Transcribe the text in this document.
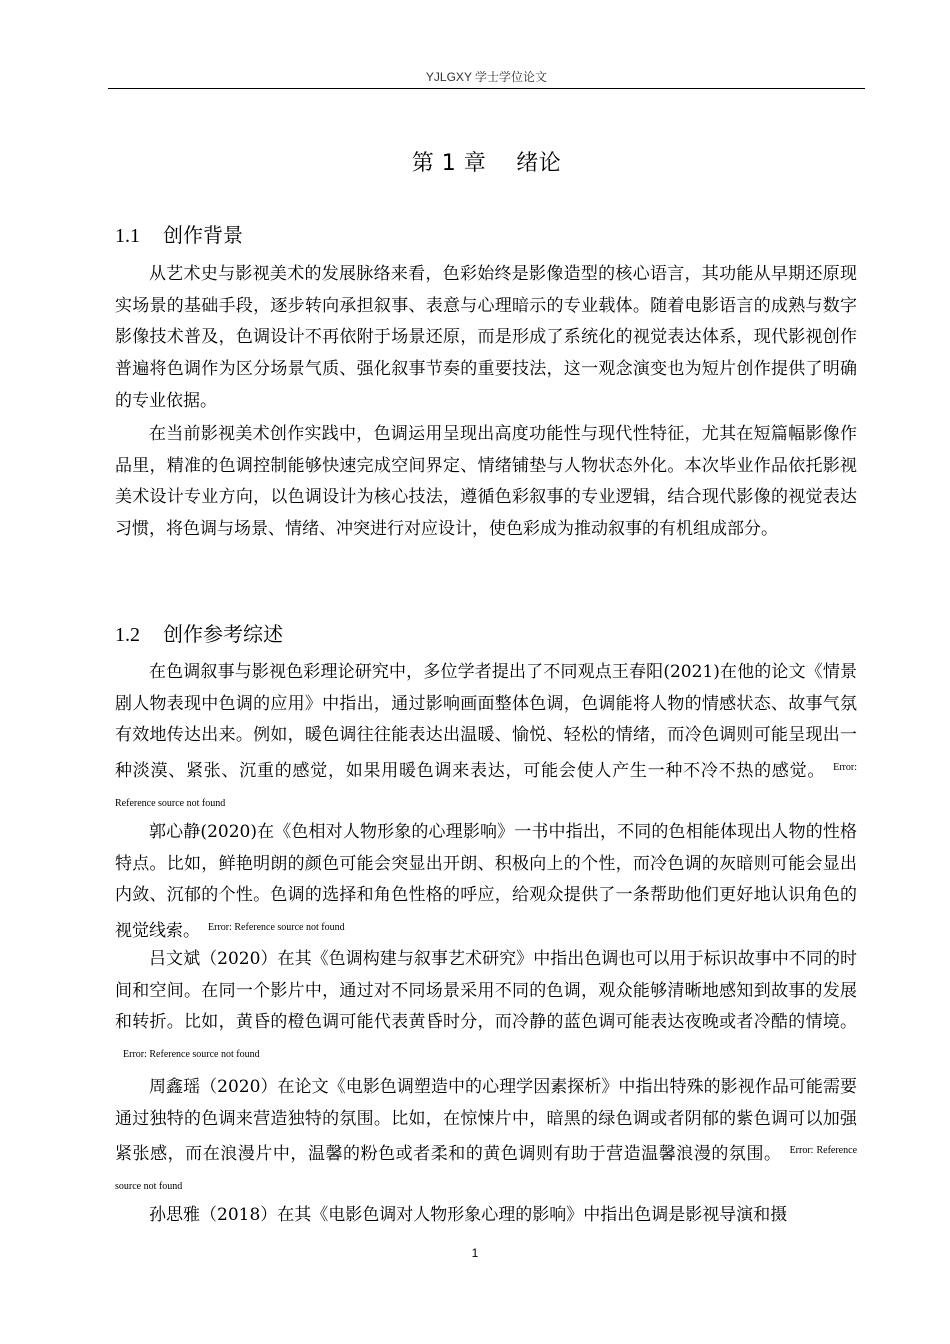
YJLGXY 学士学位论文
第 1 章 绪论
1.1 创作背景

从艺术史与影视美术的发展脉络来看，色彩始终是影像造型的核心语言，其功能从早期还原现实场景的基础手段，逐步转向承担叙事、表意与心理暗示的专业载体。随着电影语言的成熟与数字影像技术普及，色调设计不再依附于场景还原，而是形成了系统化的视觉表达体系，现代影视创作普遍将色调作为区分场景气质、强化叙事节奏的重要技法，这一观念演变也为短片创作提供了明确的专业依据。

在当前影视美术创作实践中，色调运用呈现出高度功能性与现代性特征，尤其在短篇幅影像作品里，精准的色调控制能够快速完成空间界定、情绪铺垫与人物状态外化。本次毕业作品依托影视美术设计专业方向，以色调设计为核心技法，遵循色彩叙事的专业逻辑，结合现代影像的视觉表达习惯，将色调与场景、情绪、冲突进行对应设计，使色彩成为推动叙事的有机组成部分。

1.2 创作参考综述

在色调叙事与影视色彩理论研究中，多位学者提出了不同观点王春阳(2021)在他的论文《情景剧人物表现中色调的应用》中指出，通过影响画面整体色调，色调能将人物的情感状态、故事气氛有效地传达出来。例如，暖色调往往能表达出温暖、愉悦、轻松的情绪，而冷色调则可能呈现出一种淡漠、紧张、沉重的感觉，如果用暖色调来表达，可能会使人产生一种不冷不热的感觉。 $^{Error: Reference source not found}$

郭心静(2020)在《色相对人物形象的心理影响》一书中指出，不同的色相能体现出人物的性格特点。比如，鲜艳明朗的颜色可能会突显出开朗、积极向上的个性，而冷色调的灰暗则可能会显出内敛、沉郁的个性。色调的选择和角色性格的呼应，给观众提供了一条帮助他们更好地认识角色的视觉线索。 $^{Error: Reference source not found}$

吕文斌（2020）在其《色调构建与叙事艺术研究》中指出色调也可以用于标识故事中不同的时间和空间。在同一个影片中，通过对不同场景采用不同的色调，观众能够清晰地感知到故事的发展和转折。比如，黄昏的橙色调可能代表黄昏时分，而冷静的蓝色调可能表达夜晚或者冷酷的情境。$^{Error: Reference source not found}$

周鑫瑶（2020）在论文《电影色调塑造中的心理学因素探析》中指出特殊的影视作品可能需要通过独特的色调来营造独特的氛围。比如，在惊悚片中，暗黑的绿色调或者阴郁的紫色调可以加强紧张感，而在浪漫片中，温馨的粉色或者柔和的黄色调则有助于营造温馨浪漫的氛围。 $^{Error: Reference source not found}$

孙思雅（2018）在其《电影色调对人物形象心理的影响》中指出色调是影视导演和摄

1
